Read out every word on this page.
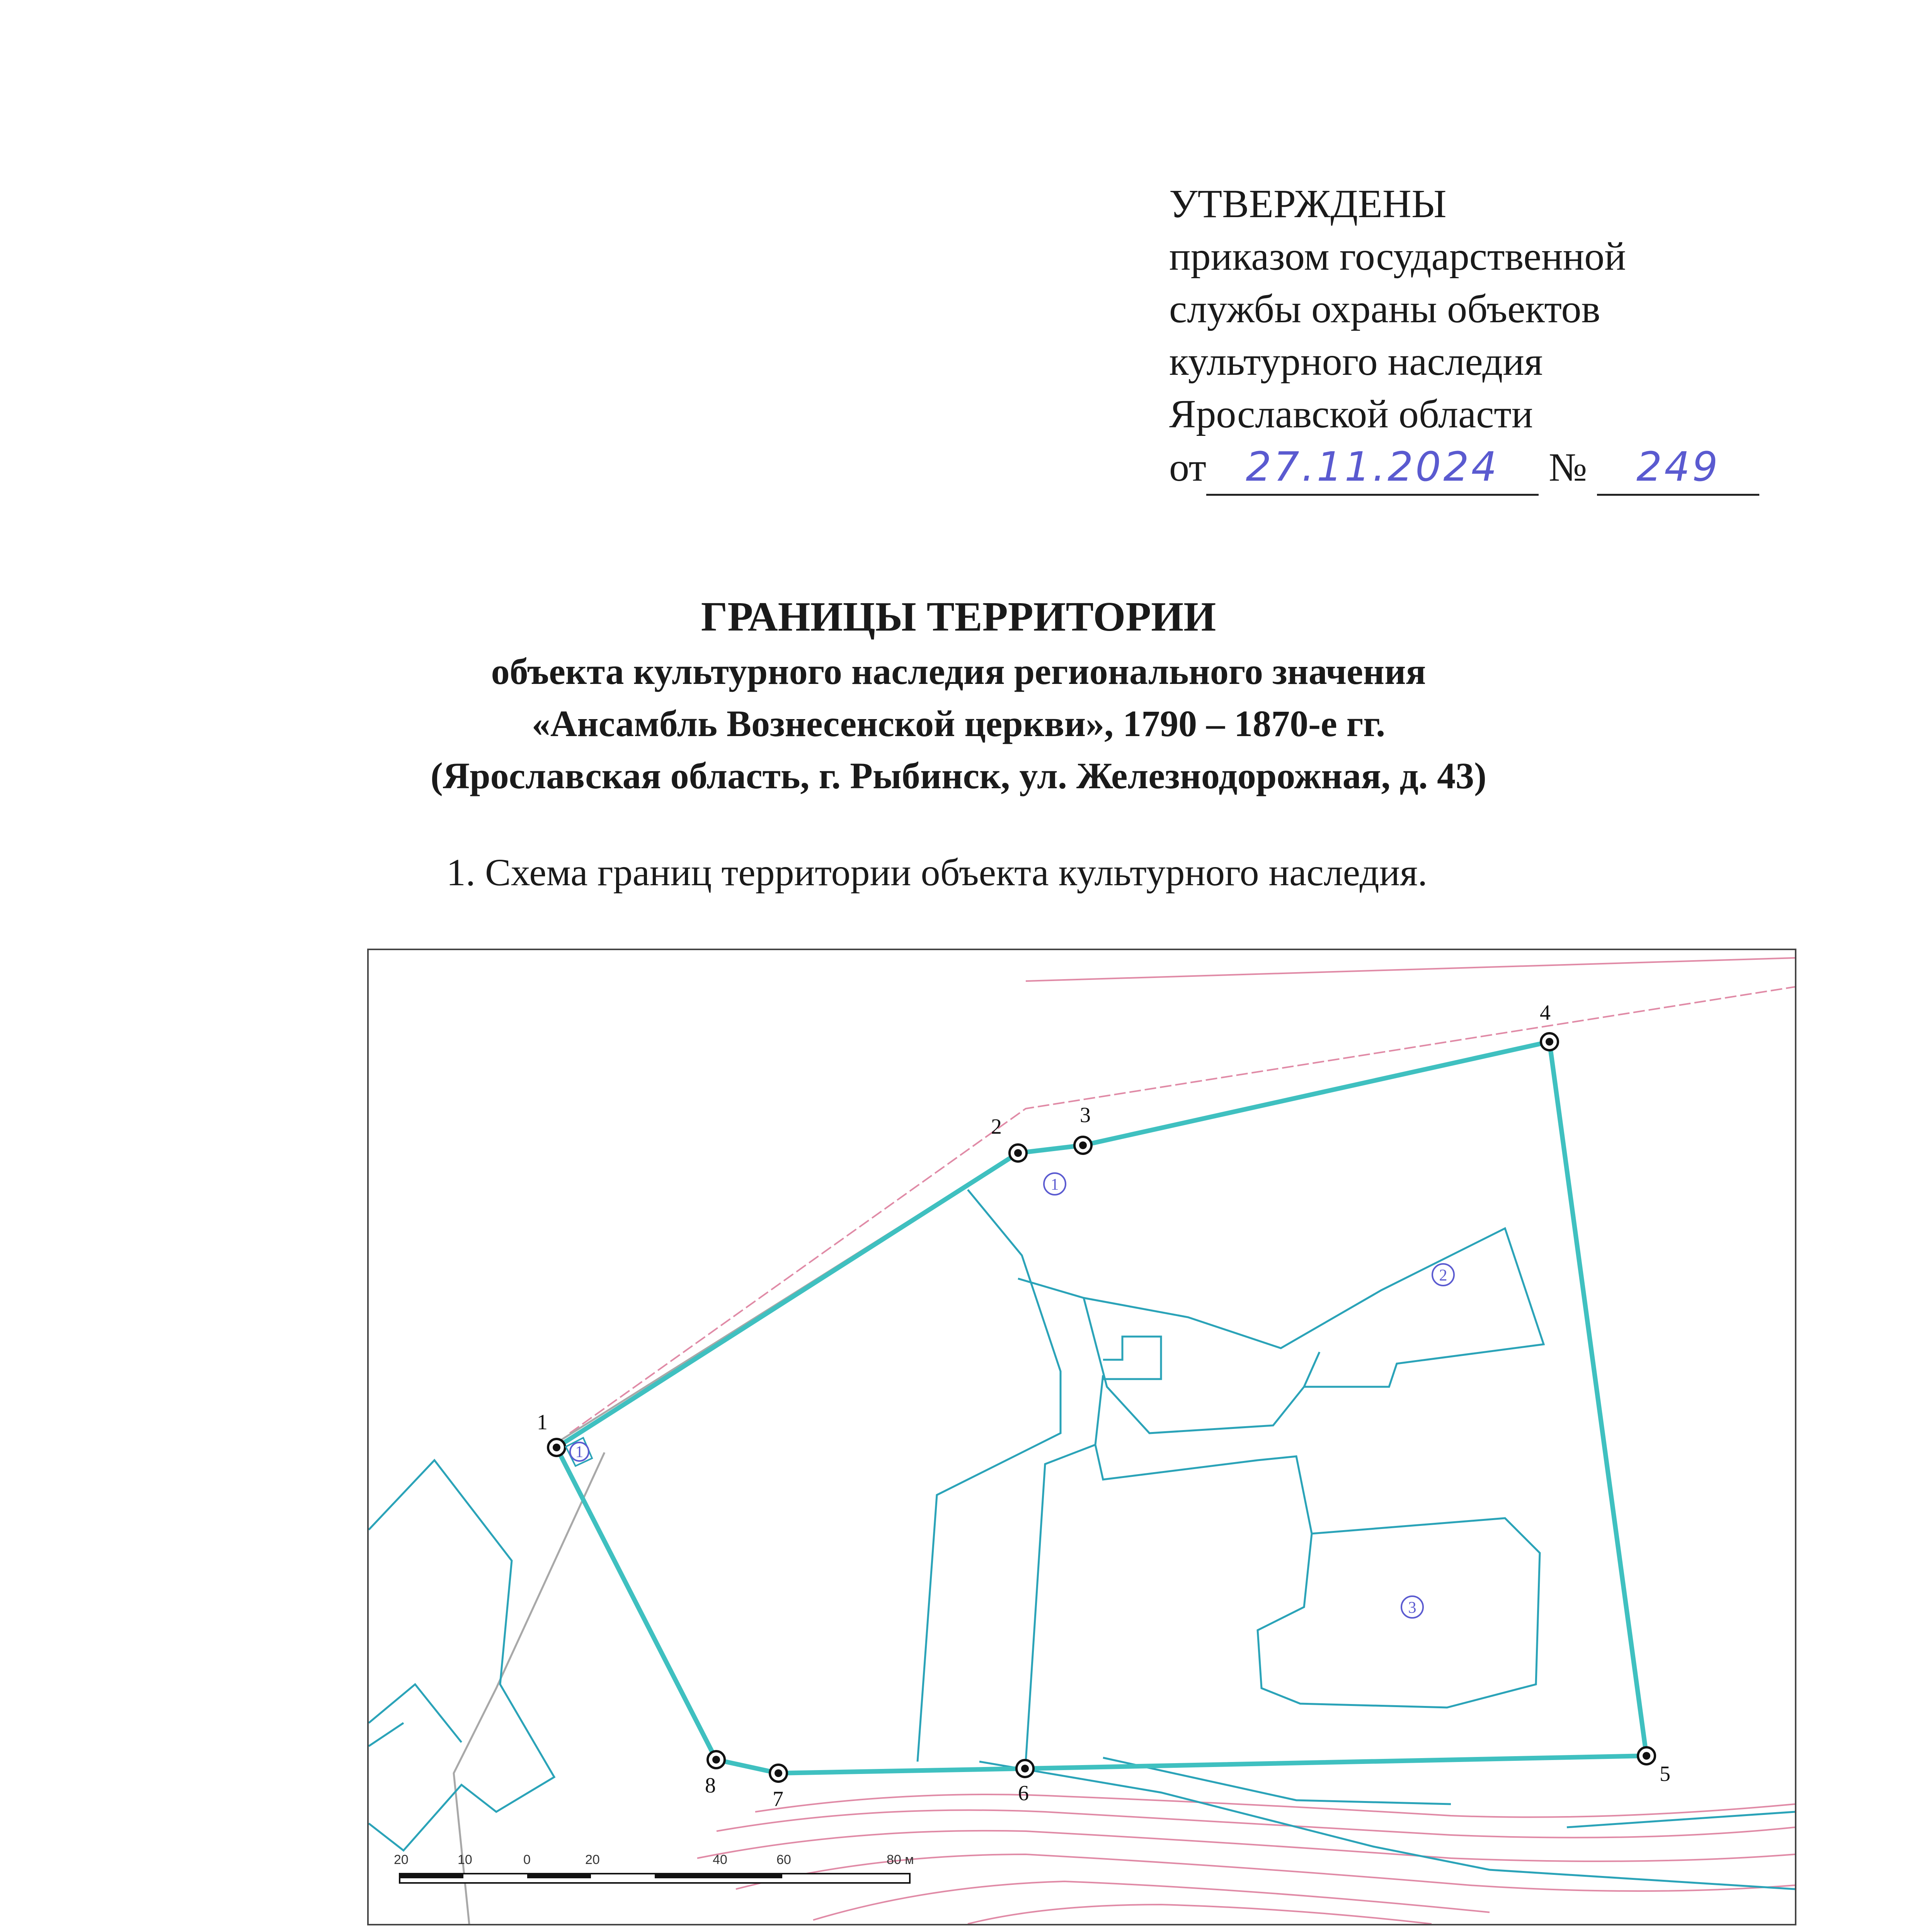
УТВЕРЖДЕНЫ
приказом государственной
службы охраны объектов
культурного наследия
Ярославской области
от 27.11.2024 № 249
ГРАНИЦЫ ТЕРРИТОРИИ
объекта культурного наследия регионального значения
«Ансамбль Вознесенской церкви», 1790 – 1870-е гг.
(Ярославская область, г. Рыбинск, ул. Железнодорожная, д. 43)
1. Схема границ территории объекта культурного наследия.
1
2	3
4
5
6
7
8
1
2
3
1
20	10	0	20	40	60	80 м
